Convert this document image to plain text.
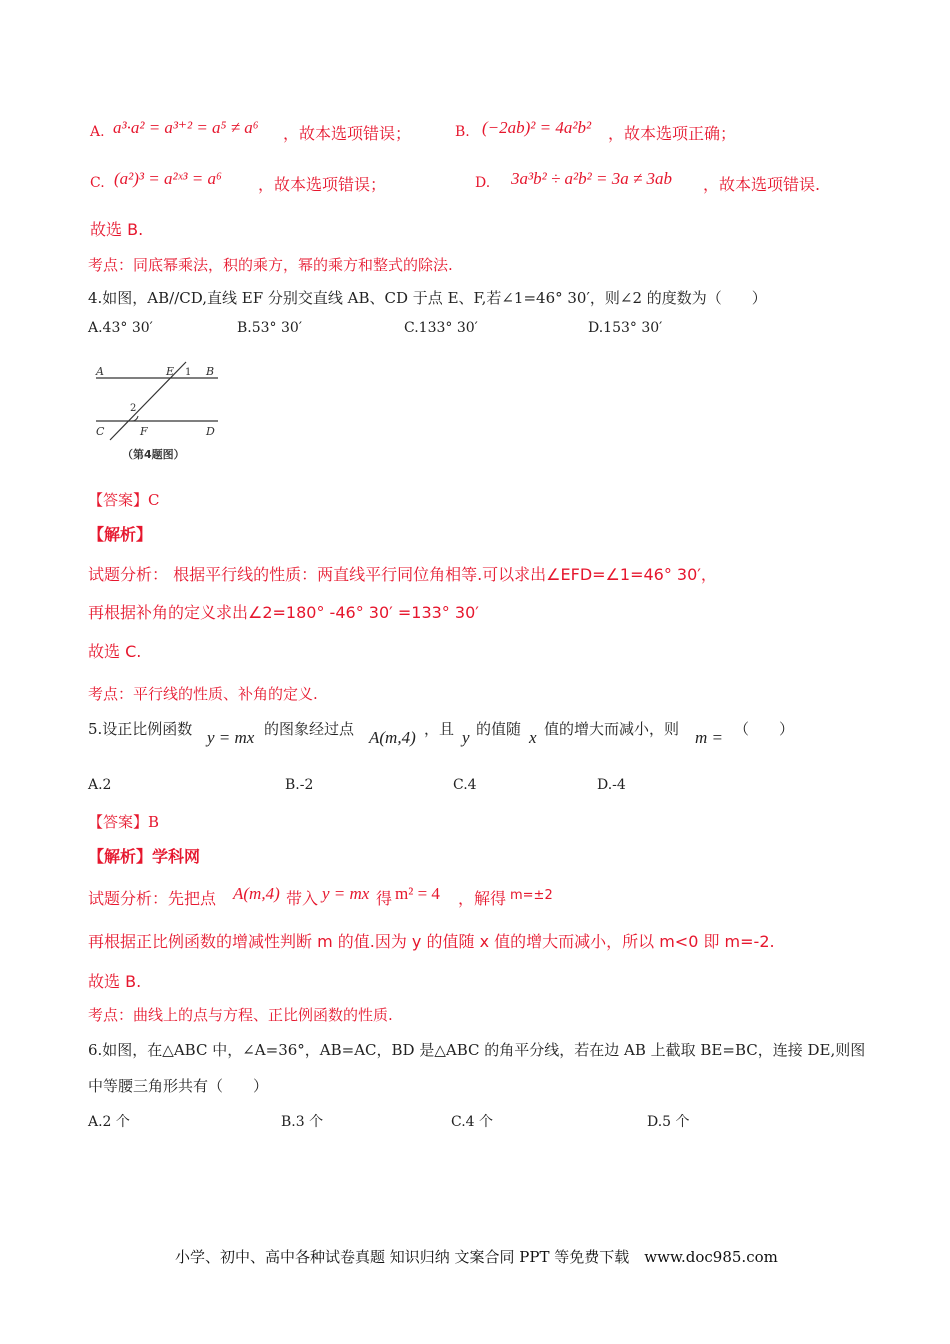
A. a³·a² = a³⁺² = a⁵ ≠ a⁶ ，故本选项错误；	B. (−2ab)² = 4a²b² ，故本选项正确；
C. (a²)³ = a²ˣ³ = a⁶ ，故本选项错误；	D. 3a³b² ÷ a²b² = 3a ≠ 3ab ，故本选项错误.
故选 B.
考点：同底幂乘法，积的乘方，幂的乘方和整式的除法.
4.如图，AB//CD,直线 EF 分别交直线 AB、CD 于点 E、F,若∠1=46° 30′，则∠2 的度数为（　　）
A.43° 30′	B.53° 30′	C.133° 30′	D.153° 30′
A	E 1 B
2
C	F	D
（第4题图）
【答案】C
【解析】
试题分析： 根据平行线的性质：两直线平行同位角相等.可以求出∠EFD=∠1=46° 30′，
再根据补角的定义求出∠2=180° -46° 30′ =133° 30′
故选 C.
考点：平行线的性质、补角的定义.
5.设正比例函数 y = mx 的图象经过点 A(m,4) ，且 y 的值随 x 值的增大而减小，则 m = （　　）
A.2	B.-2	C.4	D.-4
【答案】B
【解析】学科网
试题分析：先把点 A(m,4) 带入 y = mx 得 m² = 4 ，解得 m=±2
再根据正比例函数的增减性判断 m 的值.因为 y 的值随 x 值的增大而减小，所以 m<0 即 m=-2.
故选 B.
考点：曲线上的点与方程、正比例函数的性质.
6.如图，在△ABC 中，∠A=36°，AB=AC，BD 是△ABC 的角平分线，若在边 AB 上截取 BE=BC，连接 DE,则图
中等腰三角形共有（　　）
A.2 个	B.3 个	C.4 个	D.5 个
小学、初中、高中各种试卷真题 知识归纳 文案合同 PPT 等免费下载　www.doc985.com
